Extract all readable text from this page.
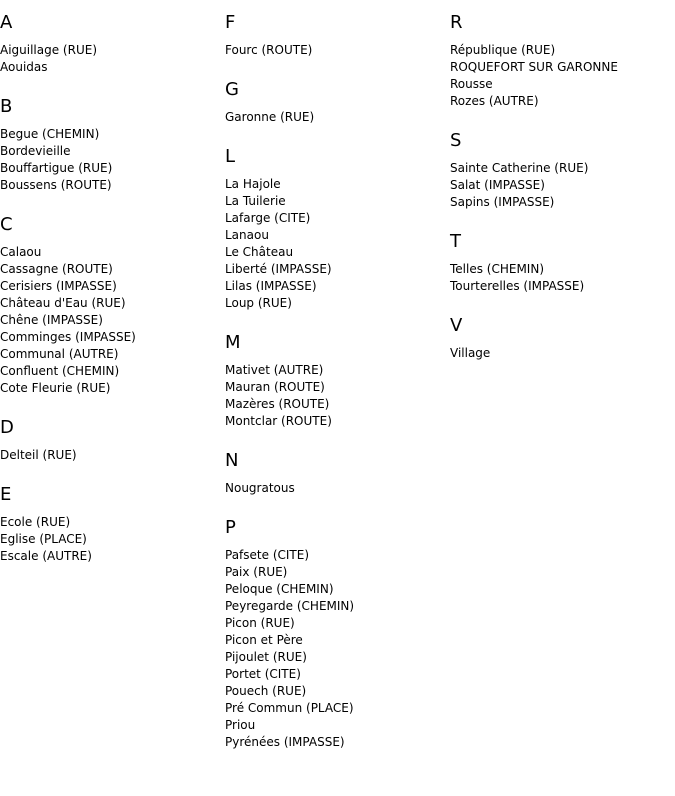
A
Aiguillage (RUE)
Aouidas
B
Begue (CHEMIN)
Bordevieille
Bouffartigue (RUE)
Boussens (ROUTE)
C
Calaou
Cassagne (ROUTE)
Cerisiers (IMPASSE)
Château d'Eau (RUE)
Chêne (IMPASSE)
Comminges (IMPASSE)
Communal (AUTRE)
Confluent (CHEMIN)
Cote Fleurie (RUE)
D
Delteil (RUE)
E
Ecole (RUE)
Eglise (PLACE)
Escale (AUTRE)
F
Fourc (ROUTE)
G
Garonne (RUE)
L
La Hajole
La Tuilerie
Lafarge (CITE)
Lanaou
Le Château
Liberté (IMPASSE)
Lilas (IMPASSE)
Loup (RUE)
M
Mativet (AUTRE)
Mauran (ROUTE)
Mazères (ROUTE)
Montclar (ROUTE)
N
Nougratous
P
Pafsete (CITE)
Paix (RUE)
Peloque (CHEMIN)
Peyregarde (CHEMIN)
Picon (RUE)
Picon et Père
Pijoulet (RUE)
Portet (CITE)
Pouech (RUE)
Pré Commun (PLACE)
Priou
Pyrénées (IMPASSE)
R
République (RUE)
ROQUEFORT SUR GARONNE
Rousse
Rozes (AUTRE)
S
Sainte Catherine (RUE)
Salat (IMPASSE)
Sapins (IMPASSE)
T
Telles (CHEMIN)
Tourterelles (IMPASSE)
V
Village
